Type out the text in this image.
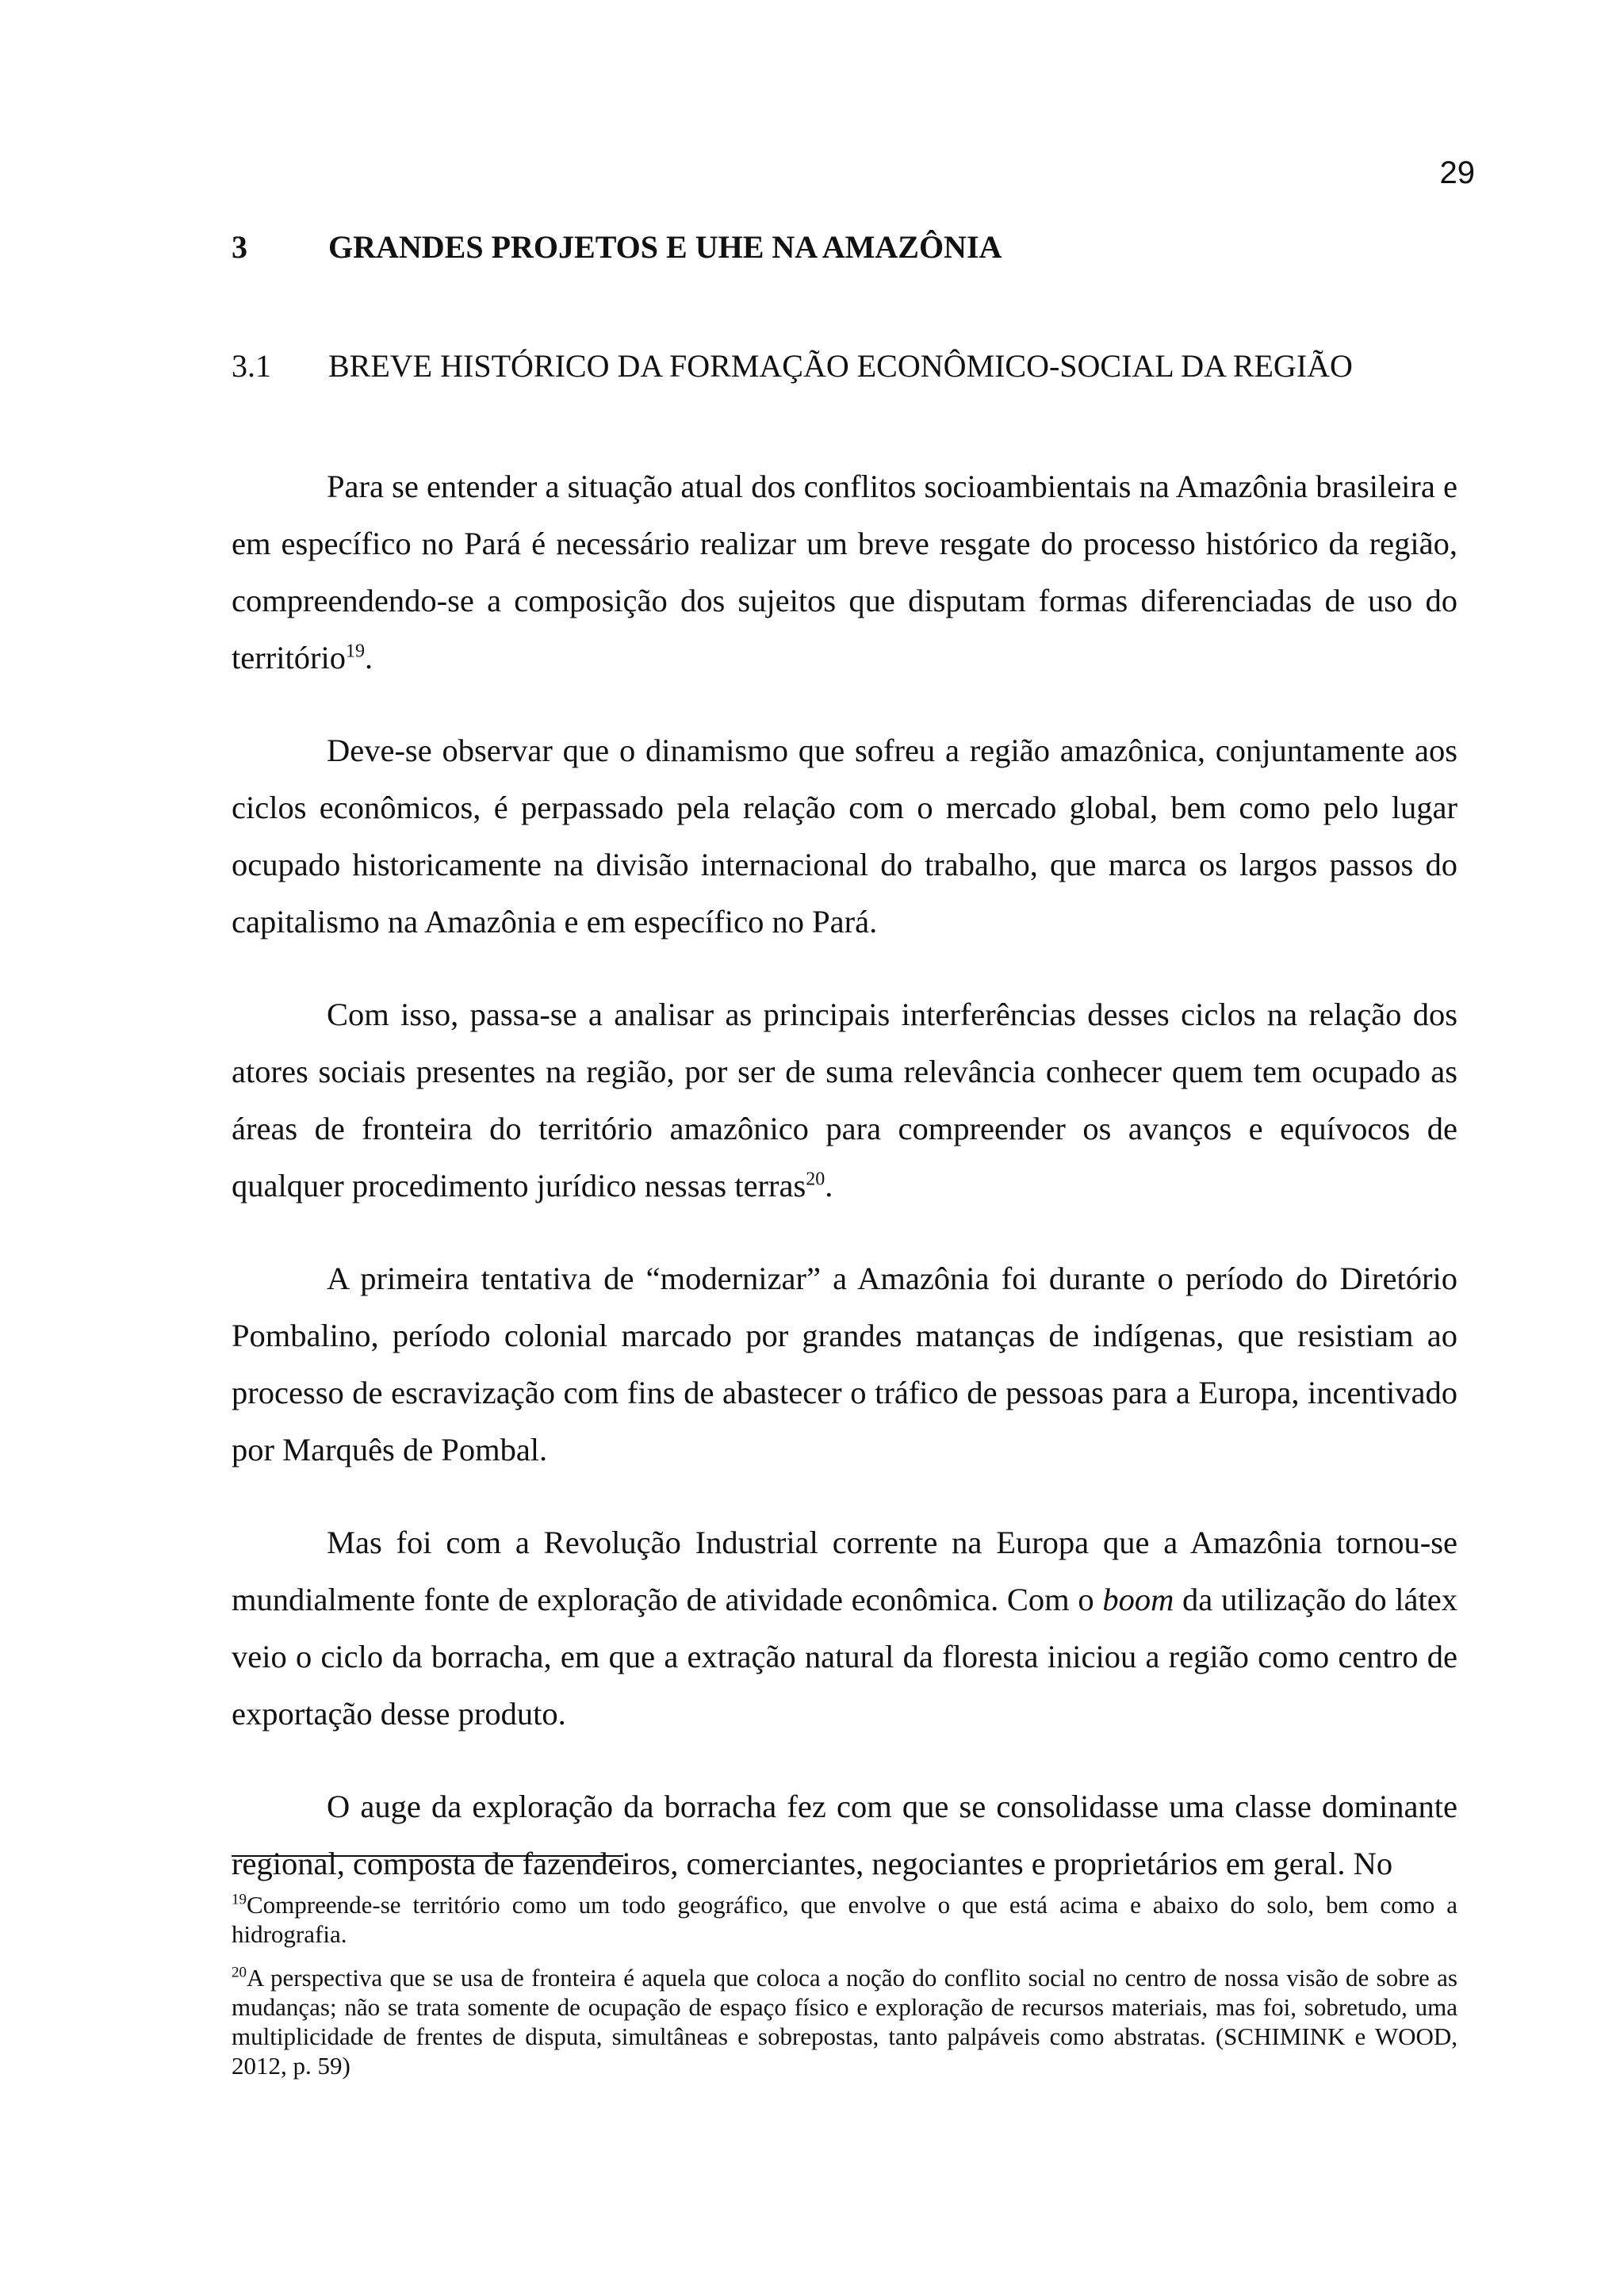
29
3	GRANDES PROJETOS E UHE NA AMAZÔNIA
3.1 BREVE HISTÓRICO DA FORMAÇÃO ECONÔMICO-SOCIAL DA REGIÃO

Para se entender a situação atual dos conflitos socioambientais na Amazônia brasileira e em específico no Pará é necessário realizar um breve resgate do processo histórico da região, compreendendo-se a composição dos sujeitos que disputam formas diferenciadas de uso do território$^{19}$.

Deve-se observar que o dinamismo que sofreu a região amazônica, conjuntamente aos ciclos econômicos, é perpassado pela relação com o mercado global, bem como pelo lugar ocupado historicamente na divisão internacional do trabalho, que marca os largos passos do capitalismo na Amazônia e em específico no Pará.

Com isso, passa-se a analisar as principais interferências desses ciclos na relação dos atores sociais presentes na região, por ser de suma relevância conhecer quem tem ocupado as áreas de fronteira do território amazônico para compreender os avanços e equívocos de qualquer procedimento jurídico nessas terras$^{20}$.

A primeira tentativa de “modernizar” a Amazônia foi durante o período do Diretório Pombalino, período colonial marcado por grandes matanças de indígenas, que resistiam ao processo de escravização com fins de abastecer o tráfico de pessoas para a Europa, incentivado por Marquês de Pombal.

Mas foi com a Revolução Industrial corrente na Europa que a Amazônia tornou-se mundialmente fonte de exploração de atividade econômica. Com o boom da utilização do látex veio o ciclo da borracha, em que a extração natural da floresta iniciou a região como centro de exportação desse produto.

O auge da exploração da borracha fez com que se consolidasse uma classe dominante regional, composta de fazendeiros, comerciantes, negociantes e proprietários em geral. No

$^{19}$Compreende-se território como um todo geográfico, que envolve o que está acima e abaixo do solo, bem como a hidrografia.

$^{20}$A perspectiva que se usa de fronteira é aquela que coloca a noção do conflito social no centro de nossa visão de sobre as mudanças; não se trata somente de ocupação de espaço físico e exploração de recursos materiais, mas foi, sobretudo, uma multiplicidade de frentes de disputa, simultâneas e sobrepostas, tanto palpáveis como abstratas. (SCHIMINK e WOOD, 2012, p. 59)
